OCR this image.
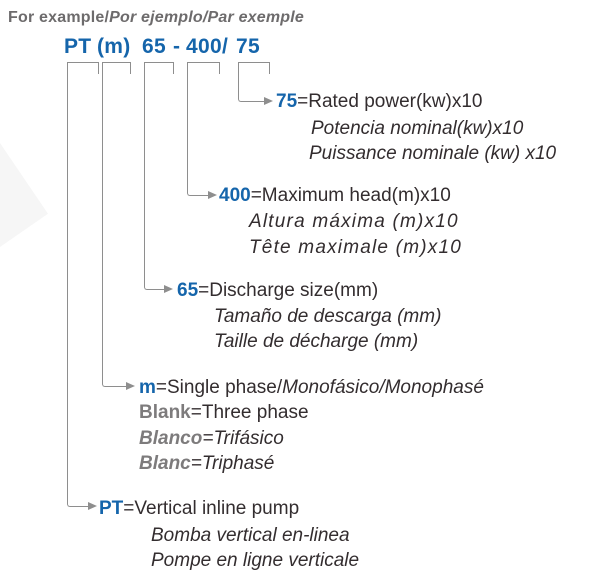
For example/Por ejemplo/Par exemple
PT (m) 65 - 400 / 75
75=Rated power(kw)x10
Potencia nominal(kw)x10
Puissance nominale (kw) x10
400=Maximum head(m)x10
Altura máxima (m)x10
Tête maximale (m)x10
65=Discharge size(mm)
Tamaño de descarga (mm)
Taille de décharge (mm)
m=Single phase/Monofásico/Monophasé
Blank=Three phase
Blanco=Trifásico
Blanc=Triphasé
PT=Vertical inline pump
Bomba vertical en-linea
Pompe en ligne verticale
